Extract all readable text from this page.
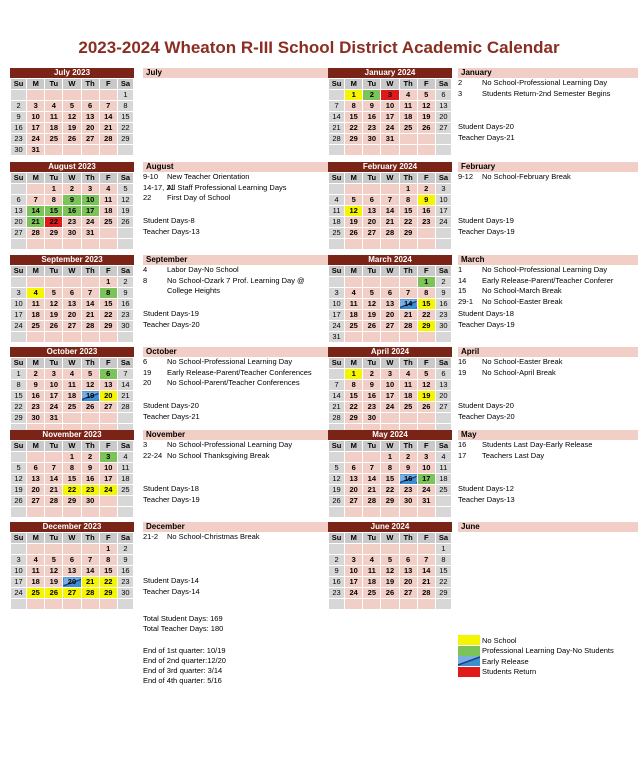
2023-2024 Wheaton R-III School District Academic Calendar
July 2023
Su	M	Tu	W	Th	F	Sa
						1
2	3	4	5	6	7	8
9	10	11	12	13	14	15
16	17	18	19	20	21	22
23	24	25	26	27	28	29
30	31					
July
August 2023
Su	M	Tu	W	Th	F	Sa
		1	2	3	4	5
6	7	8	9	10	11	12
13	14	15	16	17	18	19
20	21	22	23	24	25	26
27	28	29	30	31		

August
9-10	New Teacher Orientation
14-17, 21
All Staff Professional Learning Days
22	First Day of School
Student Days-8
Teacher Days-13
September 2023
Su	M	Tu	W	Th	F	Sa
					1	2
3	4	5	6	7	8	9
10	11	12	13	14	15	16
17	18	19	20	21	22	23
24	25	26	27	28	29	30

September
4	Labor Day-No School
8	No School-Ozark 7 Prof. Learning Day @
College Heights
Student Days-19
Teacher Days-20
October 2023
Su	M	Tu	W	Th	F	Sa
1	2	3	4	5	6	7
8	9	10	11	12	13	14
15	16	17	18	19	20	21
22	23	24	25	26	27	28
29	30	31				

October
6	No School-Professional Learning Day
19	Early Release-Parent/Teacher Conferences
20	No School-Parent/Teacher Conferences
Student Days-20
Teacher Days-21
November 2023
Su	M	Tu	W	Th	F	Sa
			1	2	3	4
5	6	7	8	9	10	11
12	13	14	15	16	17	18
19	20	21	22	23	24	25
26	27	28	29	30		

November
3	No School-Professional Learning Day
22-24 No School Thanksgiving Break
Student Days-18
Teacher Days-19
December 2023
Su	M	Tu	W	Th	F	Sa
					1	2
3	4	5	6	7	8	9
10	11	12	13	14	15	16
17	18	19	20	21	22	23
24	25	26	27	28	29	30

December
21-2	No School-Christmas Break
Student Days-14
Teacher Days-14
January 2024
Su	M	Tu	W	Th	F	Sa
	1	2	3	4	5	6
7	8	9	10	11	12	13
14	15	16	17	18	19	20
21	22	23	24	25	26	27
28	29	30	31			

January
2	No School-Professional Learning Day
3	Students Return-2nd Semester Begins
Student Days-20
Teacher Days-21
February 2024
Su	M	Tu	W	Th	F	Sa
				1	2	3
4	5	6	7	8	9	10
11	12	13	14	15	16	17
18	19	20	21	22	23	24
25	26	27	28	29		

February
9-12	No School-February Break
Student Days-19
Teacher Days-19
March 2024
Su	M	Tu	W	Th	F	Sa
					1	2
3	4	5	6	7	8	9
10	11	12	13	14	15	16
17	18	19	20	21	22	23
24	25	26	27	28	29	30
31						
March
1	No School-Professional Learning Day
14	Early Release-Parent/Teacher Conferer
15	No School-March Break
29-1	No School-Easter Break
Student Days-18
Teacher Days-19
April 2024
Su	M	Tu	W	Th	F	Sa
	1	2	3	4	5	6
7	8	9	10	11	12	13
14	15	16	17	18	19	20
21	22	23	24	25	26	27
28	29	30				

April
16	No School-Easter Break
19	No School-April Break
Student Days-20
Teacher Days-20
May 2024
Su	M	Tu	W	Th	F	Sa
			1	2	3	4
5	6	7	8	9	10	11
12	13	14	15	16	17	18
19	20	21	22	23	24	25
26	27	28	29	30	31	

May
16	Students Last Day-Early Release
17	Teachers Last Day
Student Days-12
Teacher Days-13
June 2024
Su	M	Tu	W	Th	F	Sa
						1
2	3	4	5	6	7	8
9	10	11	12	13	14	15
16	17	18	19	20	21	22
23	24	25	26	27	28	29

June
Total Student Days: 169
Total Teacher Days: 180
End of 1st quarter: 10/19
End of 2nd quarter:12/20
End of 3rd quarter: 3/14
End of 4th quarter: 5/16
No School
Professional Learning Day-No Students
Early Release
Students Return
